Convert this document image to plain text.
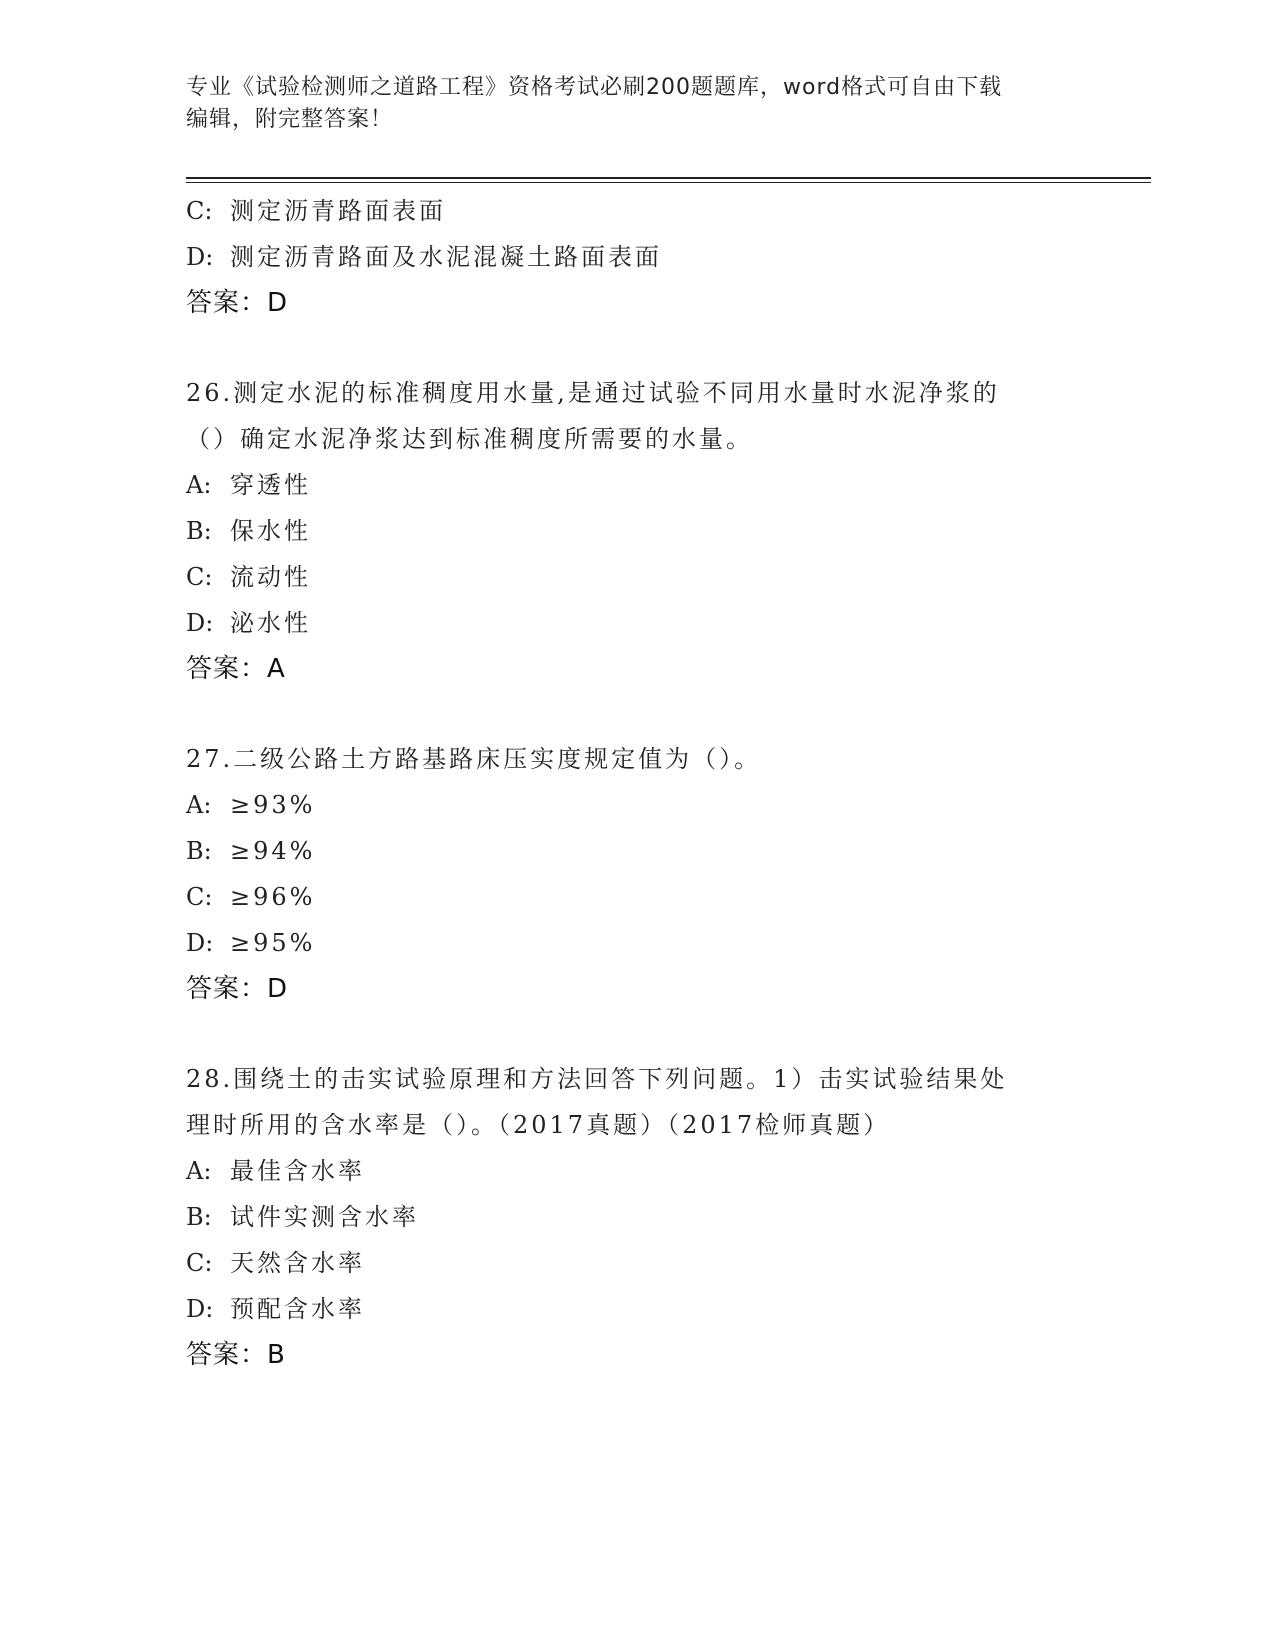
专业《试验检测师之道路工程》资格考试必刷200题题库，word格式可自由下载
编辑，附完整答案！
C: 测定沥青路面表面
D: 测定沥青路面及水泥混凝土路面表面
答案：D
26.测定水泥的标准稠度用水量,是通过试验不同用水量时水泥净浆的
（）确定水泥净浆达到标准稠度所需要的水量。
A: 穿透性
B: 保水性
C: 流动性
D: 泌水性
答案：A
27.二级公路土方路基路床压实度规定值为（）。
A: ≥93%
B: ≥94%
C: ≥96%
D: ≥95%
答案：D
28.围绕土的击实试验原理和方法回答下列问题。1）击实试验结果处
理时所用的含水率是（）。（2017真题）（2017检师真题）
A: 最佳含水率
B: 试件实测含水率
C: 天然含水率
D: 预配含水率
答案：B
